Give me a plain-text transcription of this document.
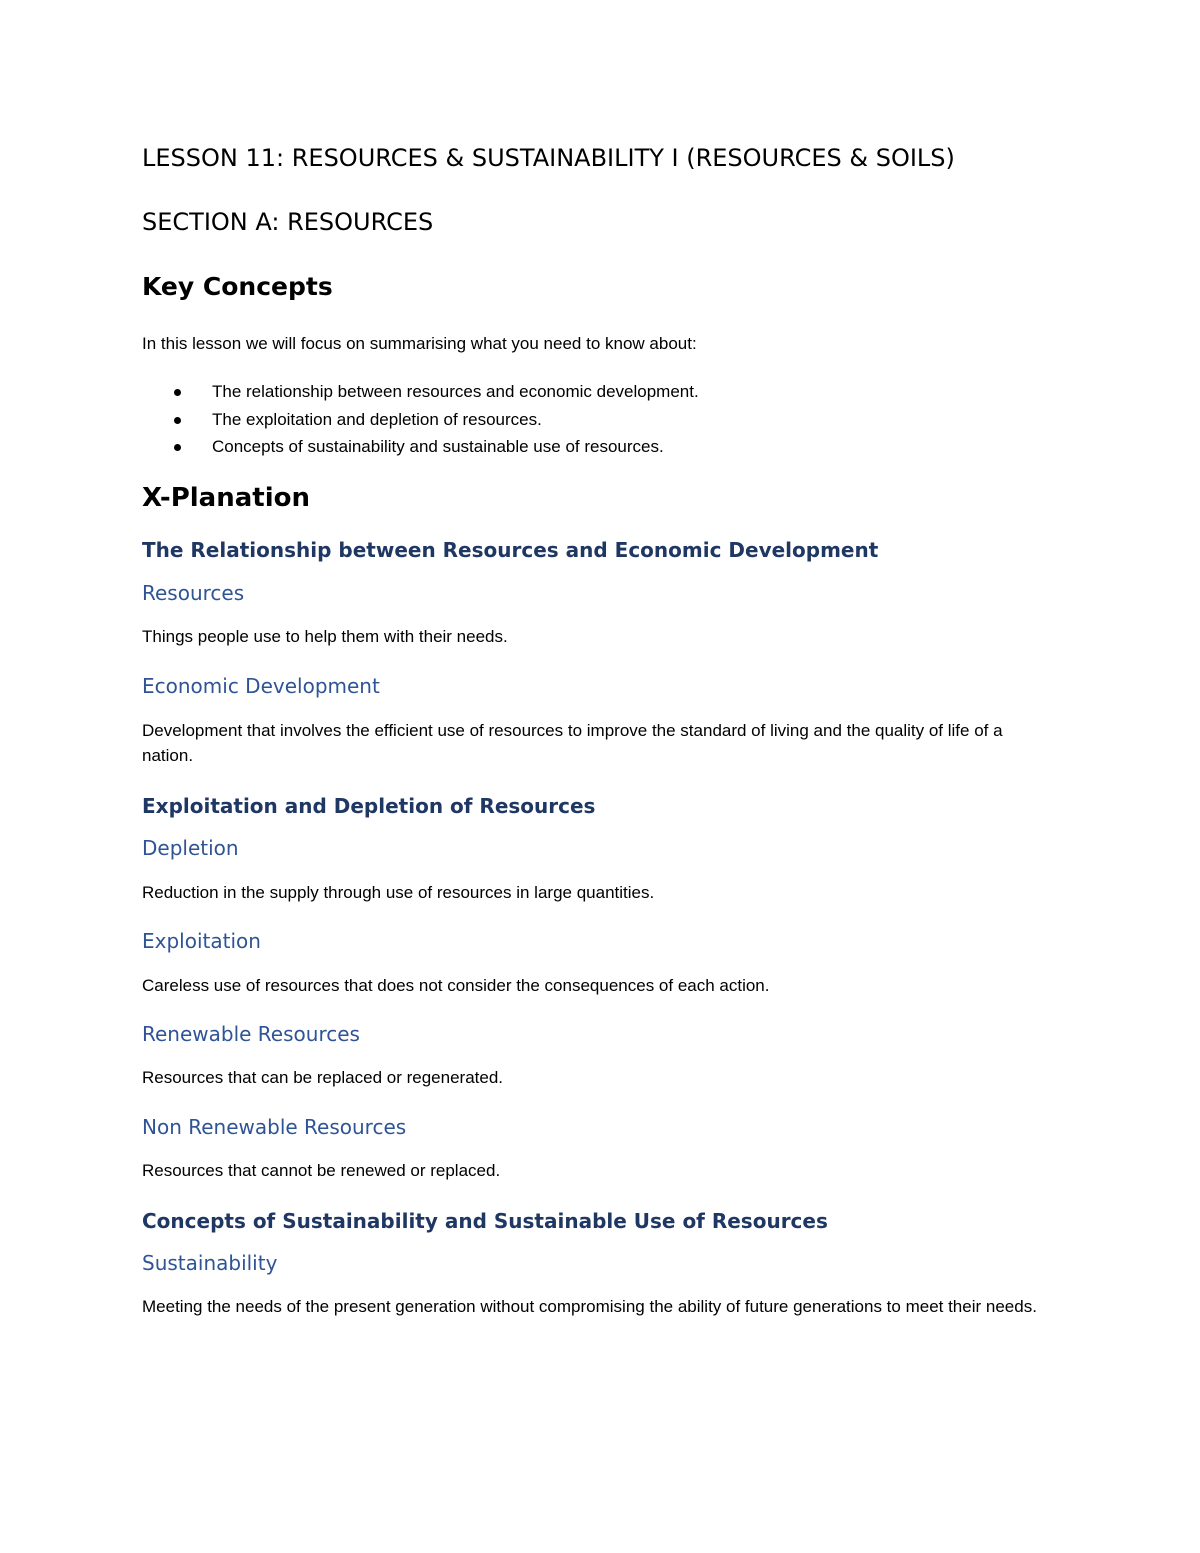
LESSON 11: RESOURCES & SUSTAINABILITY I (RESOURCES & SOILS)
SECTION A: RESOURCES
Key Concepts

In this lesson we will focus on summarising what you need to know about:

The relationship between resources and economic development.
The exploitation and depletion of resources.
Concepts of sustainability and sustainable use of resources.
X-Planation
The Relationship between Resources and Economic Development
Resources

Things people use to help them with their needs.

Economic Development

Development that involves the efficient use of resources to improve the standard of living and the quality of life of a nation.

Exploitation and Depletion of Resources
Depletion

Reduction in the supply through use of resources in large quantities.

Exploitation

Careless use of resources that does not consider the consequences of each action.

Renewable Resources

Resources that can be replaced or regenerated.

Non Renewable Resources

Resources that cannot be renewed or replaced.

Concepts of Sustainability and Sustainable Use of Resources
Sustainability

Meeting the needs of the present generation without compromising the ability of future generations to meet their needs.
